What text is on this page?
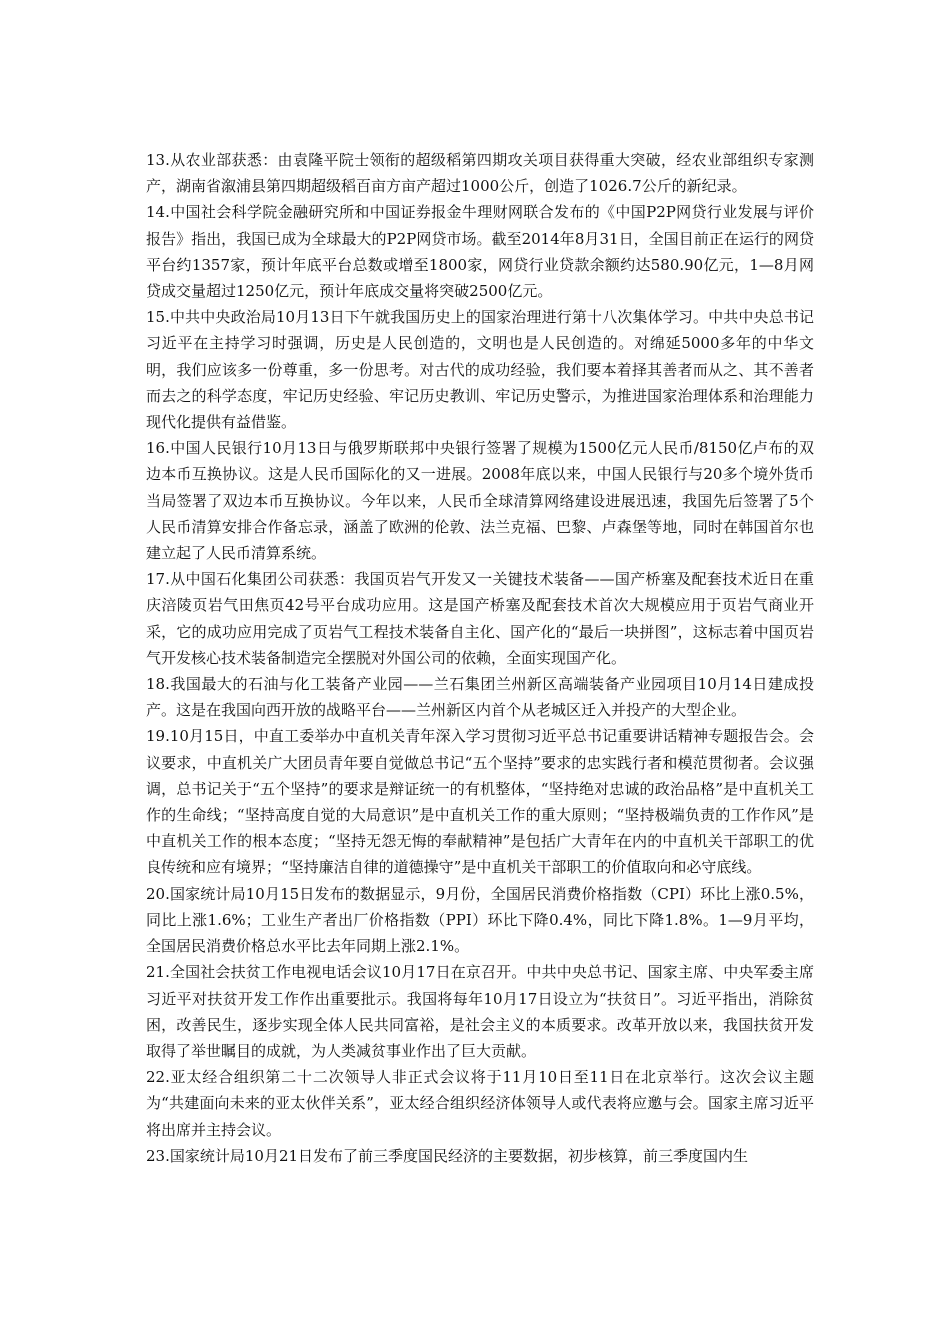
13.从农业部获悉：由袁隆平院士领衔的超级稻第四期攻关项目获得重大突破，经农业部组织专家测产，湖南省溆浦县第四期超级稻百亩方亩产超过1000公斤，创造了1026.7公斤的新纪录。

14.中国社会科学院金融研究所和中国证券报金牛理财网联合发布的《中国P2P网贷行业发展与评价报告》指出，我国已成为全球最大的P2P网贷市场。截至2014年8月31日，全国目前正在运行的网贷平台约1357家，预计年底平台总数或增至1800家，网贷行业贷款余额约达580.90亿元，1—8月网贷成交量超过1250亿元，预计年底成交量将突破2500亿元。

15.中共中央政治局10月13日下午就我国历史上的国家治理进行第十八次集体学习。中共中央总书记习近平在主持学习时强调，历史是人民创造的，文明也是人民创造的。对绵延5000多年的中华文明，我们应该多一份尊重，多一份思考。对古代的成功经验，我们要本着择其善者而从之、其不善者而去之的科学态度，牢记历史经验、牢记历史教训、牢记历史警示，为推进国家治理体系和治理能力现代化提供有益借鉴。

16.中国人民银行10月13日与俄罗斯联邦中央银行签署了规模为1500亿元人民币/8150亿卢布的双边本币互换协议。这是人民币国际化的又一进展。2008年底以来，中国人民银行与20多个境外货币当局签署了双边本币互换协议。今年以来，人民币全球清算网络建设进展迅速，我国先后签署了5个人民币清算安排合作备忘录，涵盖了欧洲的伦敦、法兰克福、巴黎、卢森堡等地，同时在韩国首尔也建立起了人民币清算系统。

17.从中国石化集团公司获悉：我国页岩气开发又一关键技术装备——国产桥塞及配套技术近日在重庆涪陵页岩气田焦页42号平台成功应用。这是国产桥塞及配套技术首次大规模应用于页岩气商业开采，它的成功应用完成了页岩气工程技术装备自主化、国产化的“最后一块拼图”，这标志着中国页岩气开发核心技术装备制造完全摆脱对外国公司的依赖，全面实现国产化。

18.我国最大的石油与化工装备产业园——兰石集团兰州新区高端装备产业园项目10月14日建成投产。这是在我国向西开放的战略平台——兰州新区内首个从老城区迁入并投产的大型企业。

19.10月15日，中直工委举办中直机关青年深入学习贯彻习近平总书记重要讲话精神专题报告会。会议要求，中直机关广大团员青年要自觉做总书记“五个坚持”要求的忠实践行者和模范贯彻者。会议强调，总书记关于“五个坚持”的要求是辩证统一的有机整体，“坚持绝对忠诚的政治品格”是中直机关工作的生命线；“坚持高度自觉的大局意识”是中直机关工作的重大原则；“坚持极端负责的工作作风”是中直机关工作的根本态度；“坚持无怨无悔的奉献精神”是包括广大青年在内的中直机关干部职工的优良传统和应有境界；“坚持廉洁自律的道德操守”是中直机关干部职工的价值取向和必守底线。

20.国家统计局10月15日发布的数据显示，9月份，全国居民消费价格指数（CPI）环比上涨0.5%，同比上涨1.6%；工业生产者出厂价格指数（PPI）环比下降0.4%，同比下降1.8%。1—9月平均，全国居民消费价格总水平比去年同期上涨2.1%。

21.全国社会扶贫工作电视电话会议10月17日在京召开。中共中央总书记、国家主席、中央军委主席习近平对扶贫开发工作作出重要批示。我国将每年10月17日设立为“扶贫日”。习近平指出，消除贫困，改善民生，逐步实现全体人民共同富裕，是社会主义的本质要求。改革开放以来，我国扶贫开发取得了举世瞩目的成就，为人类减贫事业作出了巨大贡献。

22.亚太经合组织第二十二次领导人非正式会议将于11月10日至11日在北京举行。这次会议主题为“共建面向未来的亚太伙伴关系”，亚太经合组织经济体领导人或代表将应邀与会。国家主席习近平将出席并主持会议。

23.国家统计局10月21日发布了前三季度国民经济的主要数据，初步核算，前三季度国内生
